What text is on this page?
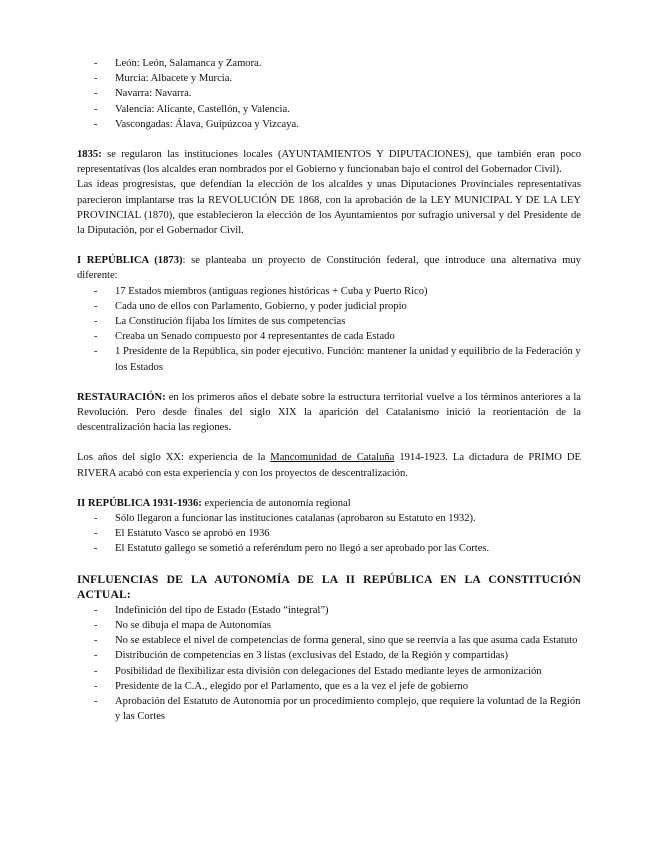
- León: León, Salamanca y Zamora.
- Murcia: Albacete y Murcia.
- Navarra: Navarra.
- Valencia: Alicante, Castellón, y Valencia.
- Vascongadas: Álava, Guipúzcoa y Vizcaya.

1835: se regularon las instituciones locales (AYUNTAMIENTOS Y DIPUTACIONES), que también eran poco representativas (los alcaldes eran nombrados por el Gobierno y funcionaban bajo el control del Gobernador Civil).

Las ideas progresistas, que defendían la elección de los alcaldes y unas Diputaciones Provinciales representativas parecieron implantarse tras la REVOLUCIÓN DE 1868, con la aprobación de la LEY MUNICIPAL Y DE LA LEY PROVINCIAL (1870), que establecieron la elección de los Ayuntamientos por sufragio universal y del Presidente de la Diputación, por el Gobernador Civil.

I REPÚBLICA (1873): se planteaba un proyecto de Constitución federal, que introduce una alternativa muy diferente:

- 17 Estados miembros (antiguas regiones históricas + Cuba y Puerto Rico)
- Cada uno de ellos con Parlamento, Gobierno, y poder judicial propio
- La Constitución fijaba los límites de sus competencias
- Creaba un Senado compuesto por 4 representantes de cada Estado
- 1 Presidente de la República, sin poder ejecutivo. Función: mantener la unidad y equilibrio de la Federación y los Estados

RESTAURACIÓN: en los primeros años el debate sobre la estructura territorial vuelve a los términos anteriores a la Revolución. Pero desde finales del siglo XIX la aparición del Catalanismo inició la reorientación de la descentralización hacia las regiones.

Los años del siglo XX: experiencia de la Mancomunidad de Cataluña 1914-1923. La dictadura de PRIMO DE RIVERA acabó con esta experiencia y con los proyectos de descentralización.

II REPÚBLICA 1931-1936: experiencia de autonomía regional

- Sólo llegaron a funcionar las instituciones catalanas (aprobaron su Estatuto en 1932).
- El Estatuto Vasco se aprobó en 1936
- El Estatuto gallego se sometió a referéndum pero no llegó a ser aprobado por las Cortes.
INFLUENCIAS DE LA AUTONOMÍA DE LA II REPÚBLICA EN LA CONSTITUCIÓN ACTUAL:
- Indefinición del tipo de Estado (Estado “integral”)
- No se dibuja el mapa de Autonomías
- No se establece el nivel de competencias de forma general, sino que se reenvía a las que asuma cada Estatuto
- Distribución de competencias en 3 listas (exclusivas del Estado, de la Región y compartidas)
- Posibilidad de flexibilizar esta división con delegaciones del Estado mediante leyes de armonización
- Presidente de la C.A., elegido por el Parlamento, que es a la vez el jefe de gobierno
- Aprobación del Estatuto de Autonomía por un procedimiento complejo, que requiere la voluntad de la Región y las Cortes
